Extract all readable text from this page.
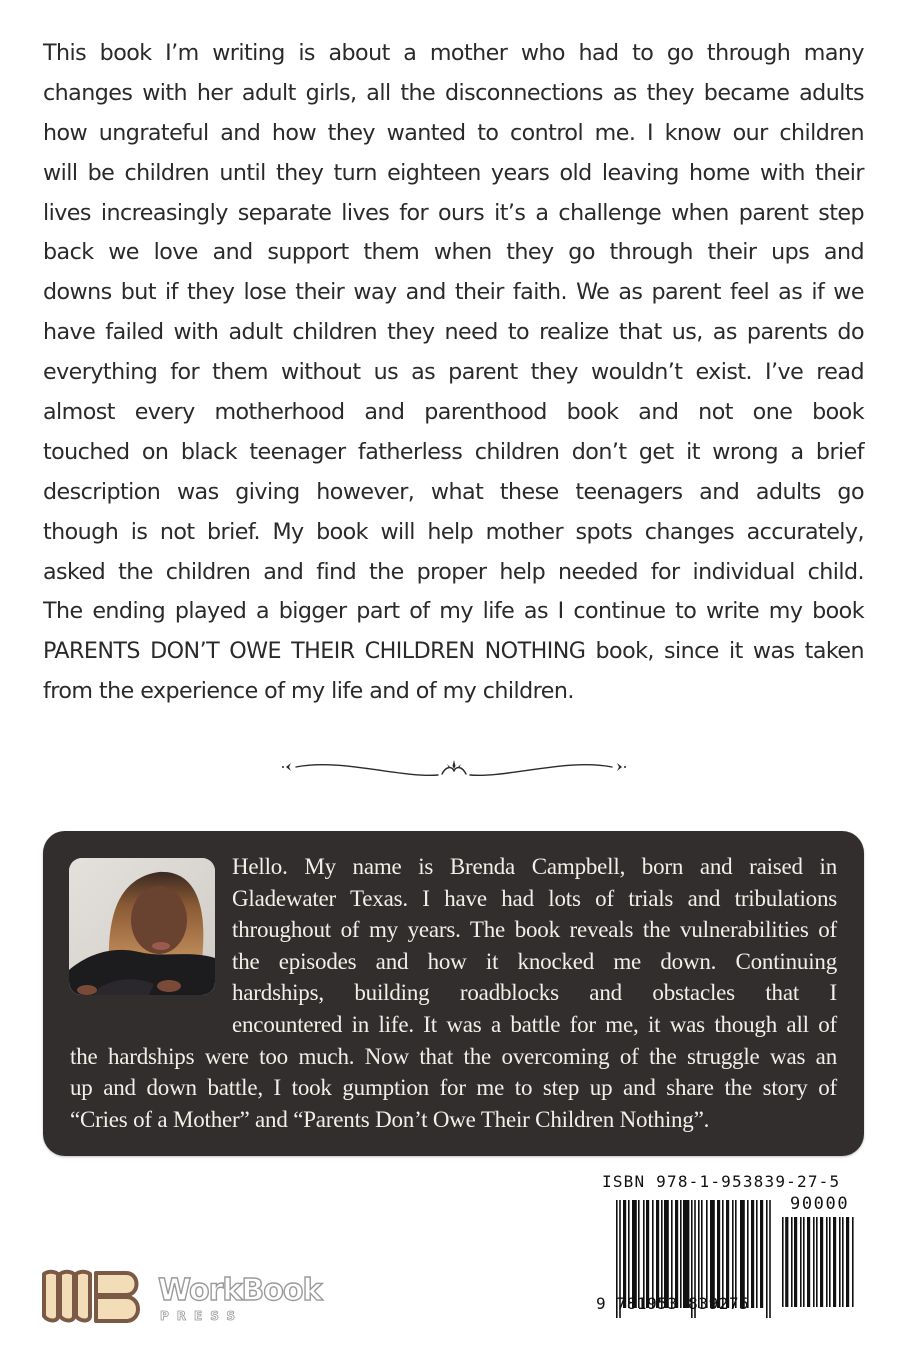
This book I’m writing is about a mother who had to go through many
changes with her adult girls, all the disconnections as they became adults
how ungrateful and how they wanted to control me. I know our children
will be children until they turn eighteen years old leaving home with their
lives increasingly separate lives for ours it’s a challenge when parent step
back we love and support them when they go through their ups and
downs but if they lose their way and their faith. We as parent feel as if we
have failed with adult children they need to realize that us, as parents do
everything for them without us as parent they wouldn’t exist. I’ve read
almost every motherhood and parenthood book and not one book
touched on black teenager fatherless children don’t get it wrong a brief
description was giving however, what these teenagers and adults go
though is not brief. My book will help mother spots changes accurately,
asked the children and find the proper help needed for individual child.
The ending played a bigger part of my life as I continue to write my book
PARENTS DON’T OWE THEIR CHILDREN NOTHING book, since it was taken
from the experience of my life and of my children.
Hello. My name is Brenda Campbell, born and raised in
Gladewater Texas. I have had lots of trials and tribulations
throughout of my years. The book reveals the vulnerabilities of
the episodes and how it knocked me down. Continuing
hardships, building roadblocks and obstacles that I
encountered in life. It was a battle for me, it was though all of
the hardships were too much. Now that the overcoming of the struggle was an
up and down battle, I took gumption for me to step up and share the story of
“Cries of a Mother” and “Parents Don’t Owe Their Children Nothing”.
ISBN 978-1-953839-27-5
90000
9 781953 839275
WorkBook
PRESS
